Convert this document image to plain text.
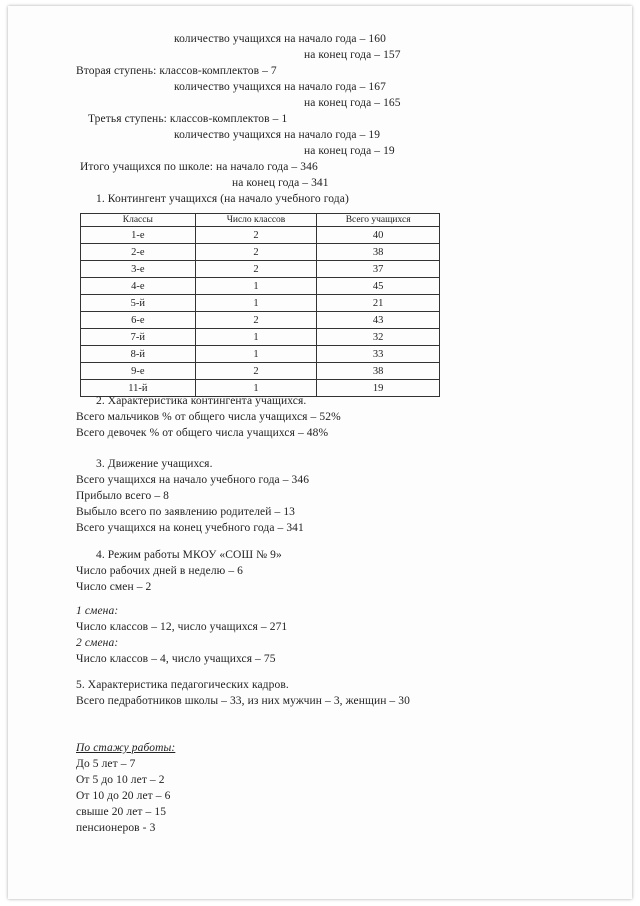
количество учащихся на начало года – 160
на конец года – 157
Вторая ступень: классов-комплектов – 7
количество учащихся на начало года – 167
на конец года – 165
Третья ступень: классов-комплектов – 1
количество учащихся на начало года – 19
на конец года – 19
Итого учащихся по школе: на начало года – 346
на конец года – 341
1. Контингент учащихся (на начало учебного года)
Классы	Число классов	Всего учащихся
1-е	2	40
2-е	2	38
3-е	2	37
4-е	1	45
5-й	1	21
6-е	2	43
7-й	1	32
8-й	1	33
9-е	2	38
11-й	1	19
2. Характеристика контингента учащихся.
Всего мальчиков % от общего числа учащихся – 52%
Всего девочек % от общего числа учащихся – 48%
3. Движение учащихся.
Всего учащихся на начало учебного года – 346
Прибыло всего – 8
Выбыло всего по заявлению родителей – 13
Всего учащихся на конец учебного года – 341
4. Режим работы МКОУ «СОШ № 9»
Число рабочих дней в неделю – 6
Число смен – 2
1 смена:
Число классов – 12, число учащихся – 271
2 смена:
Число классов – 4, число учащихся – 75
5. Характеристика педагогических кадров.
Всего педработников школы – 33, из них мужчин – 3, женщин – 30
По стажу работы:
До 5 лет – 7
От 5 до 10 лет – 2
От 10 до 20 лет – 6
свыше 20 лет – 15
пенсионеров - 3
